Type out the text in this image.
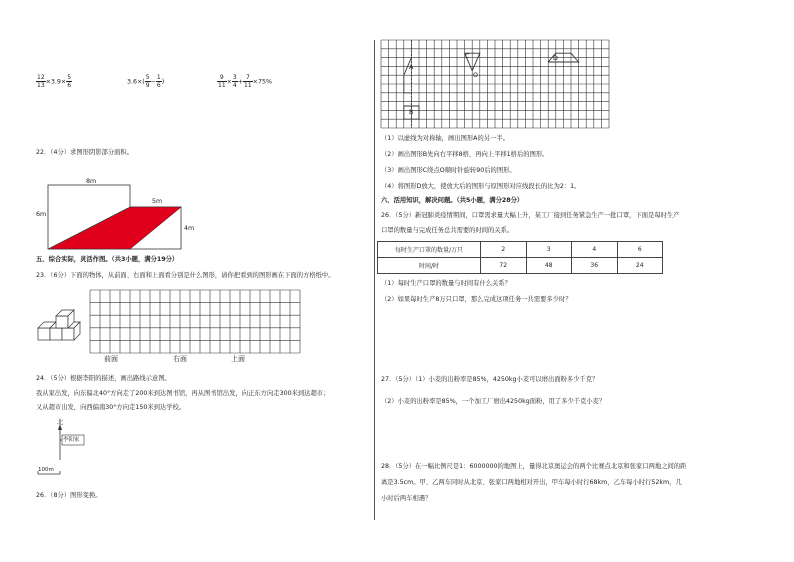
$\frac{12}{13} \times 3.9\times \frac{5}{6}$	$3.6\times( \frac{5}{9} - \frac{1}{6}$ )	$\frac{9}{11} \times \frac{3}{4} + \frac{7}{11} \times 75\%$
22．（4分）求图形阴影部分面积。
8m
6m
5m
4m
五、综合实际，灵活作图。（共3小题，满分19分）
23．（6分）下面的物体，从前面、右面和上面看分别是什么图形，请你把看到的图形画在下面的方格纸中。
前面	右面	上面
24．（5分）根据李阳的描述，画出路线示意图。
我从家出发，向东偏北40°方向走了200米到达图书馆，再从图书馆出发，向正东方向走300米到达超市；
又从超市出发，向西偏南30°方向走150米到达学校。
北
李阳家
100m
26．（8分）图形变换。
A
B
C
O
D
（1）以虚线为对称轴，画出图形A的另一半。
（2）画出图形B先向右平移8格，再向上平移1格后的图形。
（3）画出图形C绕点O顺时针旋转90后的图形。
（4）将图形D放大，使放大后的图形与原图形对应线段长的比为2：1。
六、活用知识，解决问题。（共5小题，满分28分）
26．（5分）新冠肺炎疫情期间，口罩需求量大幅上升，某工厂接到任务紧急生产一批口罩，下面是每时生产
口罩的数量与完成任务总共需要的时间的关系。
每时生产口罩的数量/万只	2	3	4	6
时间/时	72	48	36	24
（1）每时生产口罩的数量与时间有什么关系？
（2）如果每时生产8万只口罩，那么完成这项任务一共需要多少时？
27．（5分）（1）小麦的出粉率是85%，4250kg小麦可以磨出面粉多少千克？
（2）小麦的出粉率是85%，一个加工厂磨出4250kg面粉，用了多少千克小麦？
28．（5分）在一幅比例尺是1：6000000的地图上，量得北京奥运会的两个比赛点北京和张家口两地之间的距
离是3.5cm。甲、乙两车同时从北京、张家口两地相对开出，甲车每小时行68km，乙车每小时行52km，几
小时后两车相遇？
